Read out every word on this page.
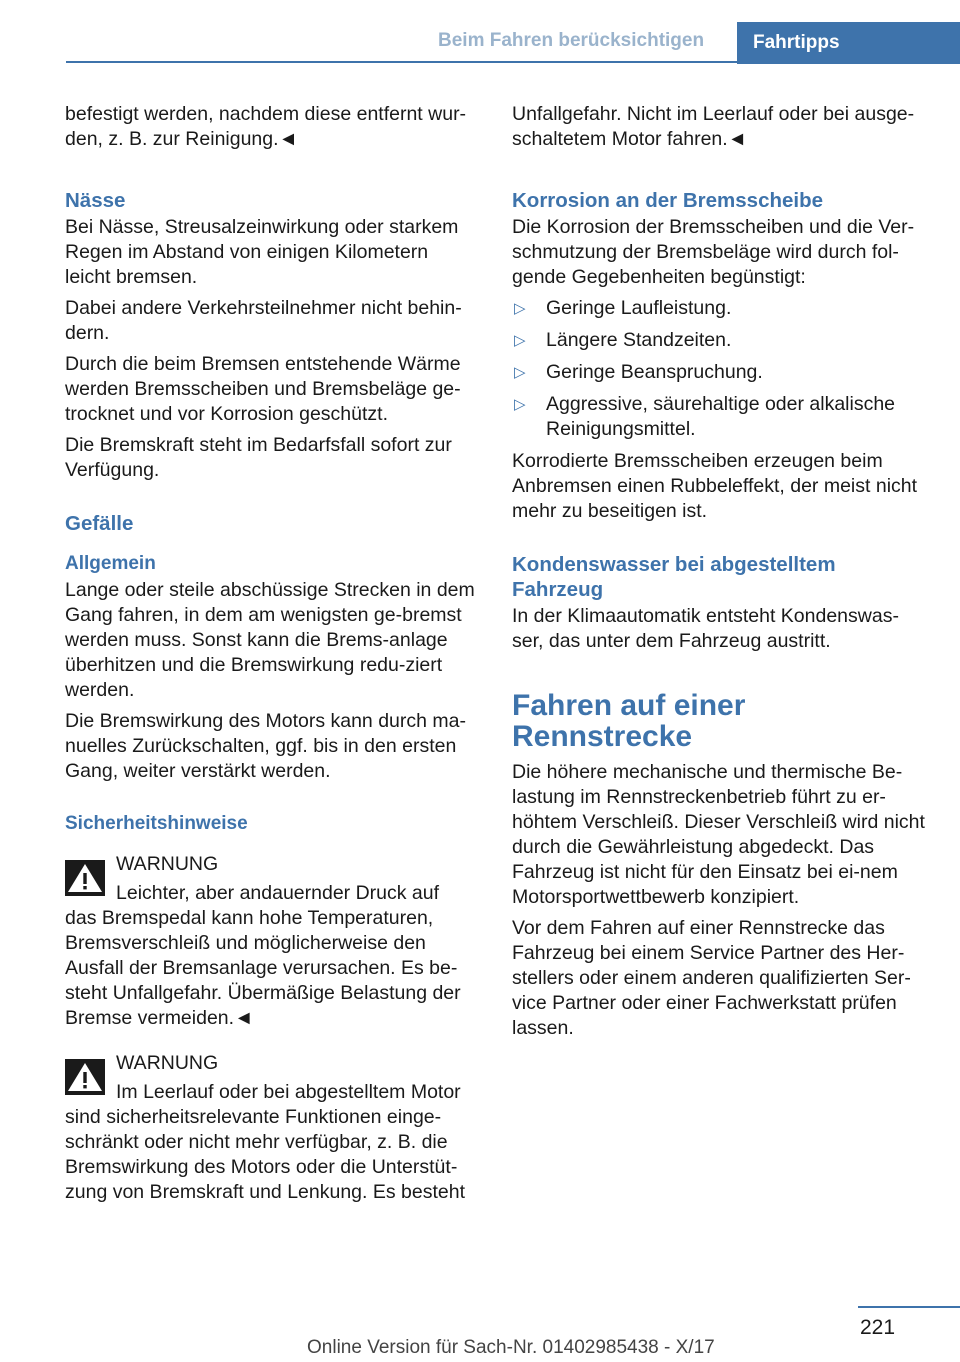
Beim Fahren berücksichtigen	Fahrtipps

befestigt werden, nachdem diese entfernt wur-den, z. B. zur Reinigung.◄

Nässe

Bei Nässe, Streusalzeinwirkung oder starkem Regen im Abstand von einigen Kilometern leicht bremsen.

Dabei andere Verkehrsteilnehmer nicht behin-dern.

Durch die beim Bremsen entstehende Wärme werden Bremsscheiben und Bremsbeläge ge-trocknet und vor Korrosion geschützt.

Die Bremskraft steht im Bedarfsfall sofort zur Verfügung.

Gefälle
Allgemein

Lange oder steile abschüssige Strecken in dem Gang fahren, in dem am wenigsten ge-bremst werden muss. Sonst kann die Brems-anlage überhitzen und die Bremswirkung redu-ziert werden.

Die Bremswirkung des Motors kann durch ma-nuelles Zurückschalten, ggf. bis in den ersten Gang, weiter verstärkt werden.

Sicherheitshinweise
WARNUNG
Leichter, aber andauernder Druck auf
das Bremspedal kann hohe Temperaturen, Bremsverschleiß und möglicherweise den Ausfall der Bremsanlage verursachen. Es be-steht Unfallgefahr. Übermäßige Belastung der Bremse vermeiden.◄
WARNUNG
Im Leerlauf oder bei abgestelltem Motor
sind sicherheitsrelevante Funktionen einge-schränkt oder nicht mehr verfügbar, z. B. die Bremswirkung des Motors oder die Unterstüt-zung von Bremskraft und Lenkung. Es besteht

Unfallgefahr. Nicht im Leerlauf oder bei ausge-schaltetem Motor fahren.◄

Korrosion an der Bremsscheibe

Die Korrosion der Bremsscheiben und die Ver-schmutzung der Bremsbeläge wird durch fol-gende Gegebenheiten begünstigt:

▷ Geringe Laufleistung.
▷ Längere Standzeiten.
▷ Geringe Beanspruchung.
▷ Aggressive, säurehaltige oder alkalische Reinigungsmittel.

Korrodierte Bremsscheiben erzeugen beim Anbremsen einen Rubbeleffekt, der meist nicht mehr zu beseitigen ist.

Kondenswasser bei abgestelltem Fahrzeug

In der Klimaautomatik entsteht Kondenswas-ser, das unter dem Fahrzeug austritt.

Fahren auf einer Rennstrecke

Die höhere mechanische und thermische Be-lastung im Rennstreckenbetrieb führt zu er-höhtem Verschleiß. Dieser Verschleiß wird nicht durch die Gewährleistung abgedeckt. Das Fahrzeug ist nicht für den Einsatz bei ei-nem Motorsportwettbewerb konzipiert.

Vor dem Fahren auf einer Rennstrecke das Fahrzeug bei einem Service Partner des Her-stellers oder einem anderen qualifizierten Ser-vice Partner oder einer Fachwerkstatt prüfen lassen.

221
Online Version für Sach-Nr. 01402985438 - X/17
